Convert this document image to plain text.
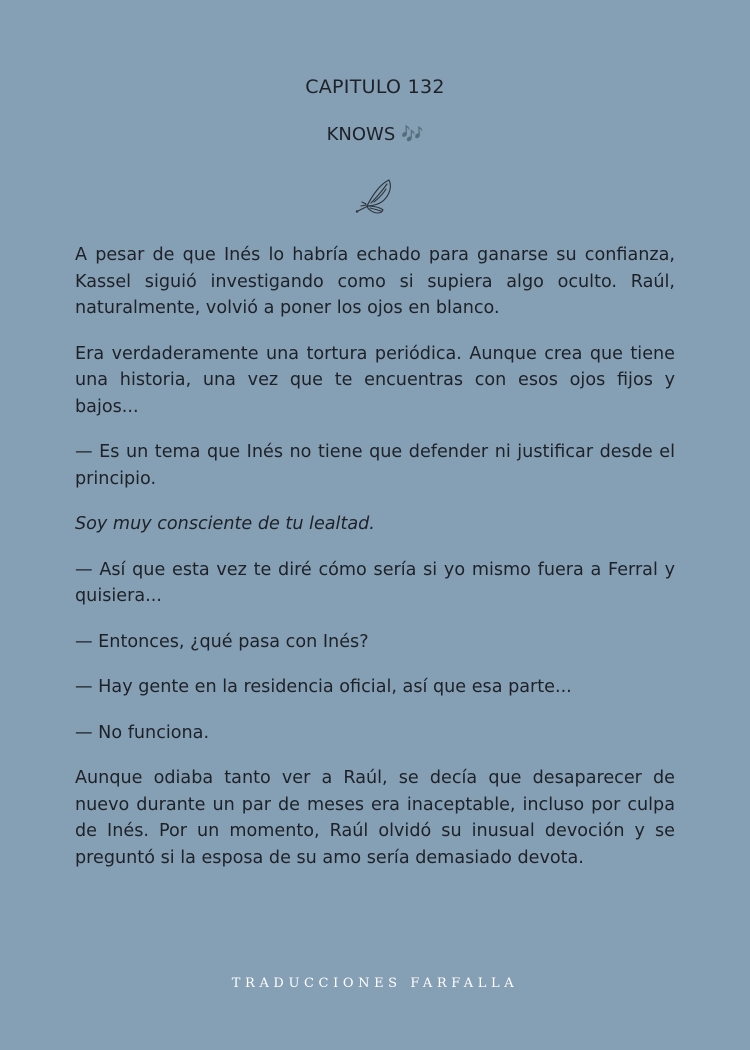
CAPITULO 132
KNOWS 🎶

A pesar de que Inés lo habría echado para ganarse su confianza, Kassel siguió investigando como si supiera algo oculto. Raúl, naturalmente, volvió a poner los ojos en blanco.

Era verdaderamente una tortura periódica. Aunque crea que tiene una historia, una vez que te encuentras con esos ojos fijos y bajos...

— Es un tema que Inés no tiene que defender ni justificar desde el principio.

Soy muy consciente de tu lealtad.

— Así que esta vez te diré cómo sería si yo mismo fuera a Ferral y quisiera...

— Entonces, ¿qué pasa con Inés?

— Hay gente en la residencia oficial, así que esa parte...

— No funciona.

Aunque odiaba tanto ver a Raúl, se decía que desaparecer de nuevo durante un par de meses era inaceptable, incluso por culpa de Inés. Por un momento, Raúl olvidó su inusual devoción y se preguntó si la esposa de su amo sería demasiado devota.

TRADUCCIONES FARFALLA
